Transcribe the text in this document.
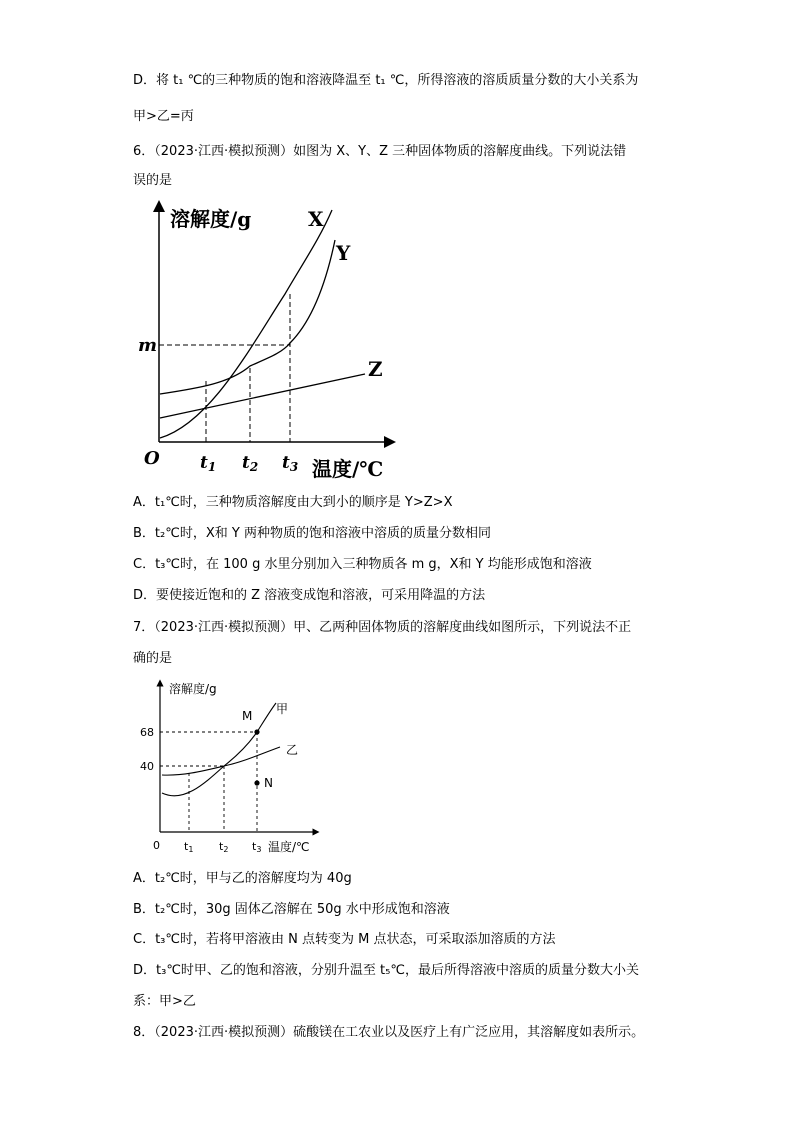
D．将 t₁ ℃的三种物质的饱和溶液降温至 t₁ ℃，所得溶液的溶质质量分数的大小关系为
甲>乙=丙
6．（2023·江西·模拟预测）如图为 X、Y、Z 三种固体物质的溶解度曲线。下列说法错
误的是
溶解度/g
温度/℃
O
m
t1 t2 t3
X
Y
Z
A．t₁℃时，三种物质溶解度由大到小的顺序是 Y>Z>X
B．t₂℃时，X和 Y 两种物质的饱和溶液中溶质的质量分数相同
C．t₃℃时，在 100 g 水里分别加入三种物质各 m g，X和 Y 均能形成饱和溶液
D．要使接近饱和的 Z 溶液变成饱和溶液，可采用降温的方法
7．（2023·江西·模拟预测）甲、乙两种固体物质的溶解度曲线如图所示，下列说法不正
确的是
溶解度/g
温度/℃
0
68
40
t1 t2 t3
M
N
甲
乙
A．t₂℃时，甲与乙的溶解度均为 40g
B．t₂℃时，30g 固体乙溶解在 50g 水中形成饱和溶液
C．t₃℃时，若将甲溶液由 N 点转变为 M 点状态，可采取添加溶质的方法
D．t₃℃时甲、乙的饱和溶液，分别升温至 t₅℃，最后所得溶液中溶质的质量分数大小关
系：甲>乙
8．（2023·江西·模拟预测）硫酸镁在工农业以及医疗上有广泛应用，其溶解度如表所示。
